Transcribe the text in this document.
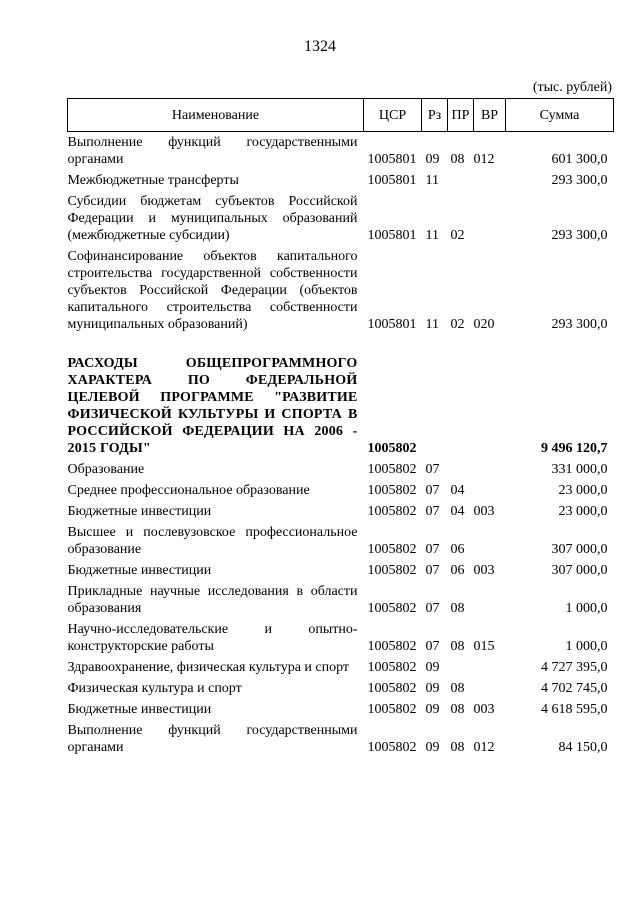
1324
(тыс. рублей)
Наименование	ЦСР	Рз	ПР	ВР	Сумма
Выполнение функций государственными органами	1005801	09	08	012	601 300,0
Межбюджетные трансферты	1005801	11			293 300,0
Субсидии бюджетам субъектов Российской Федерации и муниципальных образований (межбюджетные субсидии)	1005801	11	02		293 300,0
Софинансирование объектов капитального строительства государственной собственности субъектов Российской Федерации (объектов капитального строительства собственности муниципальных образований)	1005801	11	02	020	293 300,0

РАСХОДЫ ОБЩЕПРОГРАММНОГО ХАРАКТЕРА ПО ФЕДЕРАЛЬНОЙ ЦЕЛЕВОЙ ПРОГРАММЕ "РАЗВИТИЕ ФИЗИЧЕСКОЙ КУЛЬТУРЫ И СПОРТА В РОССИЙСКОЙ ФЕДЕРАЦИИ НА 2006 - 2015 ГОДЫ"	1005802				9 496 120,7
Образование	1005802	07			331 000,0
Среднее профессиональное образование	1005802	07	04		23 000,0
Бюджетные инвестиции	1005802	07	04	003	23 000,0
Высшее и послевузовское профессиональное образование	1005802	07	06		307 000,0
Бюджетные инвестиции	1005802	07	06	003	307 000,0
Прикладные научные исследования в области образования	1005802	07	08		1 000,0
Научно-исследовательские и опытно-конструкторские работы	1005802	07	08	015	1 000,0
Здравоохранение, физическая культура и спорт	1005802	09			4 727 395,0
Физическая культура и спорт	1005802	09	08		4 702 745,0
Бюджетные инвестиции	1005802	09	08	003	4 618 595,0
Выполнение функций государственными органами	1005802	09	08	012	84 150,0
